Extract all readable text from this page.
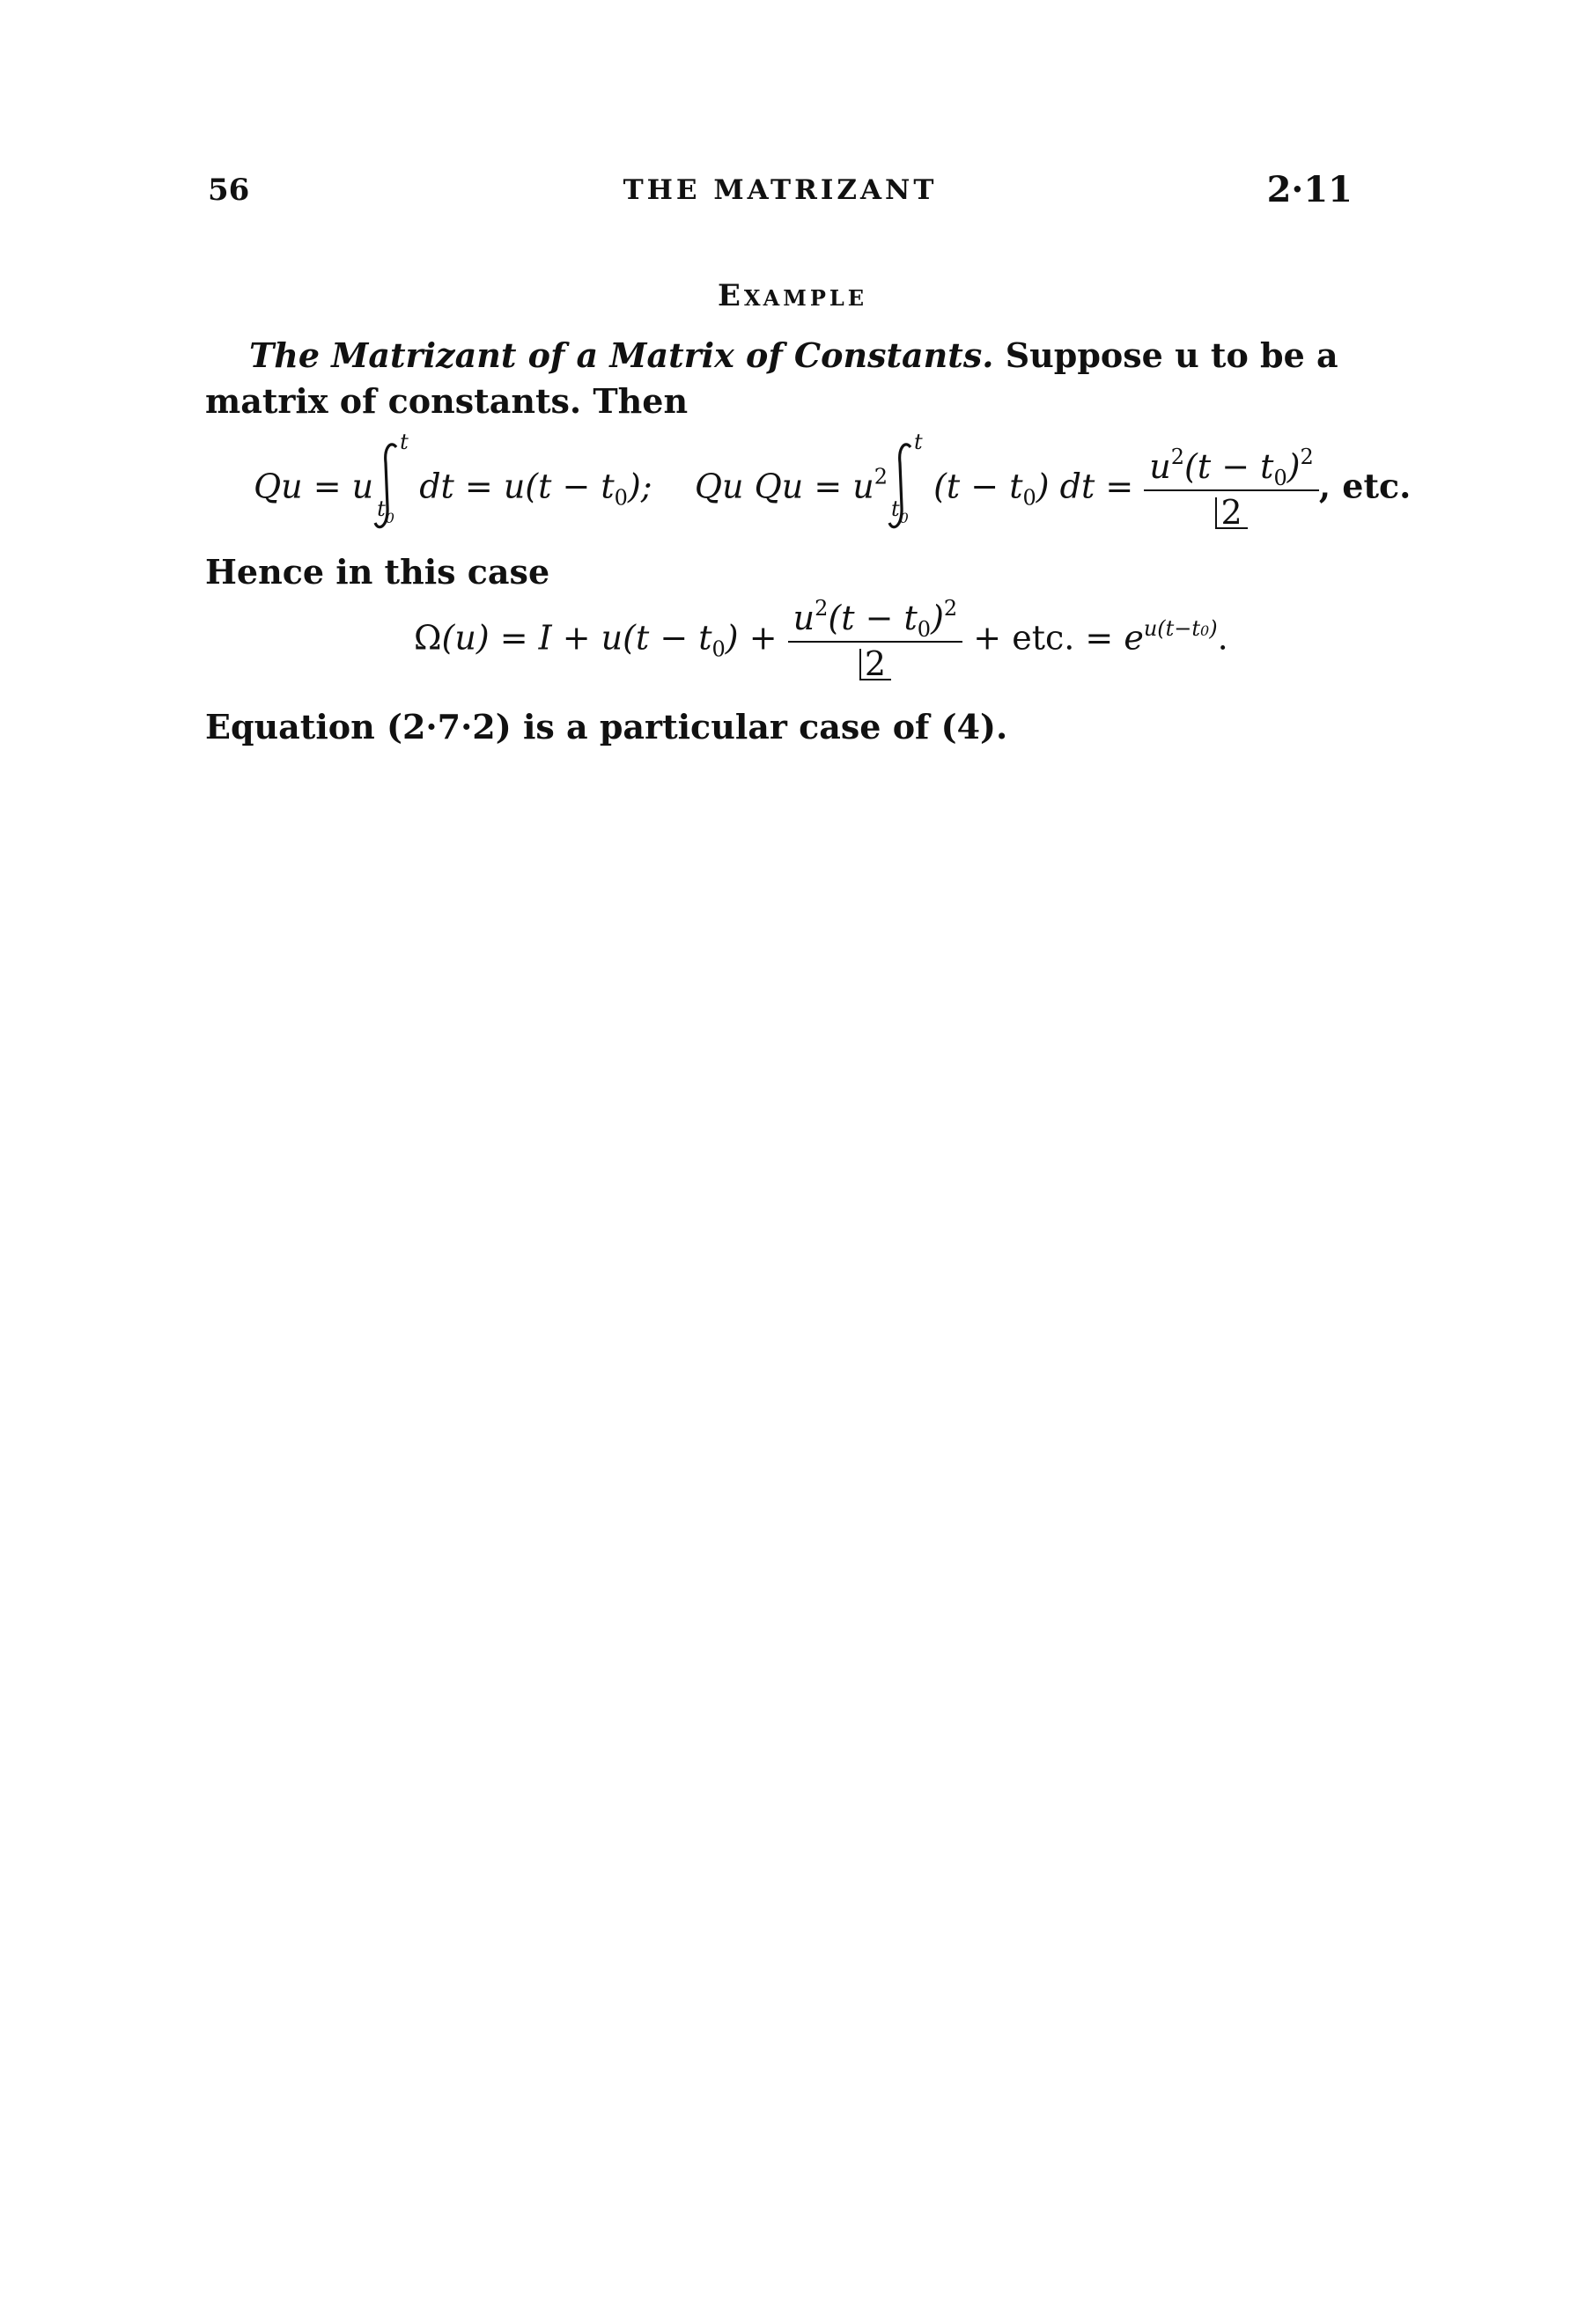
56	THE MATRIZANT	2·11
Example
The Matrizant of a Matrix of Constants. Suppose u to be a matrix of constants. Then
Qu = u
t
$t_0$
dt = $u(t - t_0)$;    Qu $Qu = u^2$
t
$t_0$
$(t - t_0)$ dt = $\frac{u^2(t - t_0)^2}{2}$ , etc.
Hence in this case
$\Omega(u) = I + u(t - t_0) + \frac{u^2(t - t_0)^2}{2}$ + etc. = $e^{u(t-t0)}$.
Equation (2·7·2) is a particular case of (4).
